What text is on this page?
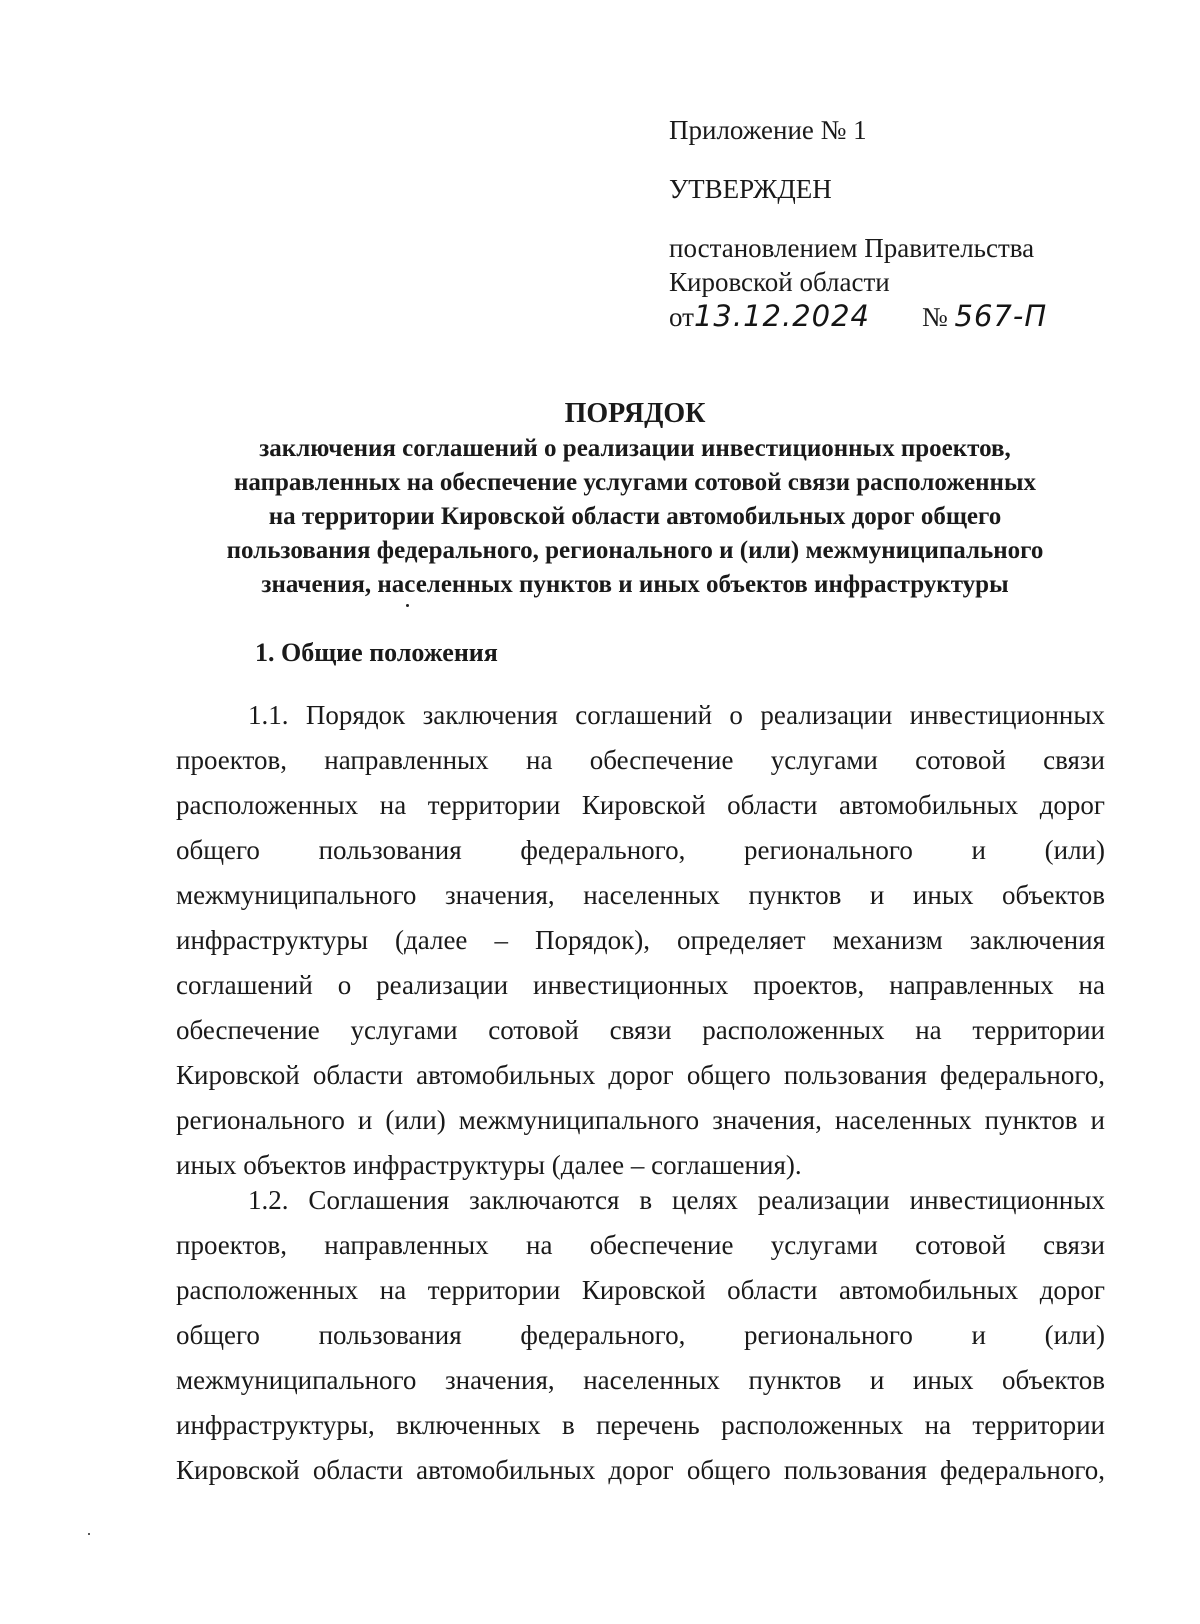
Приложение № 1
УТВЕРЖДЕН
постановлением Правительства
Кировской области
от13.12.2024 № 567-П
ПОРЯДОК
заключения соглашений о реализации инвестиционных проектов,
направленных на обеспечение услугами сотовой связи расположенных
на территории Кировской области автомобильных дорог общего
пользования федерального, регионального и (или) межмуниципального
значения, населенных пунктов и иных объектов инфраструктуры
1. Общие положения
1.1. Порядок заключения соглашений о реализации инвестиционных
проектов, направленных на обеспечение услугами сотовой связи
расположенных на территории Кировской области автомобильных дорог
общего пользования федерального, регионального и (или)
межмуниципального значения, населенных пунктов и иных объектов
инфраструктуры (далее – Порядок), определяет механизм заключения
соглашений о реализации инвестиционных проектов, направленных на
обеспечение услугами сотовой связи расположенных на территории
Кировской области автомобильных дорог общего пользования федерального,
регионального и (или) межмуниципального значения, населенных пунктов и
иных объектов инфраструктуры (далее – соглашения).
1.2. Соглашения заключаются в целях реализации инвестиционных
проектов, направленных на обеспечение услугами сотовой связи
расположенных на территории Кировской области автомобильных дорог
общего пользования федерального, регионального и (или)
межмуниципального значения, населенных пунктов и иных объектов
инфраструктуры, включенных в перечень расположенных на территории
Кировской области автомобильных дорог общего пользования федерального,
